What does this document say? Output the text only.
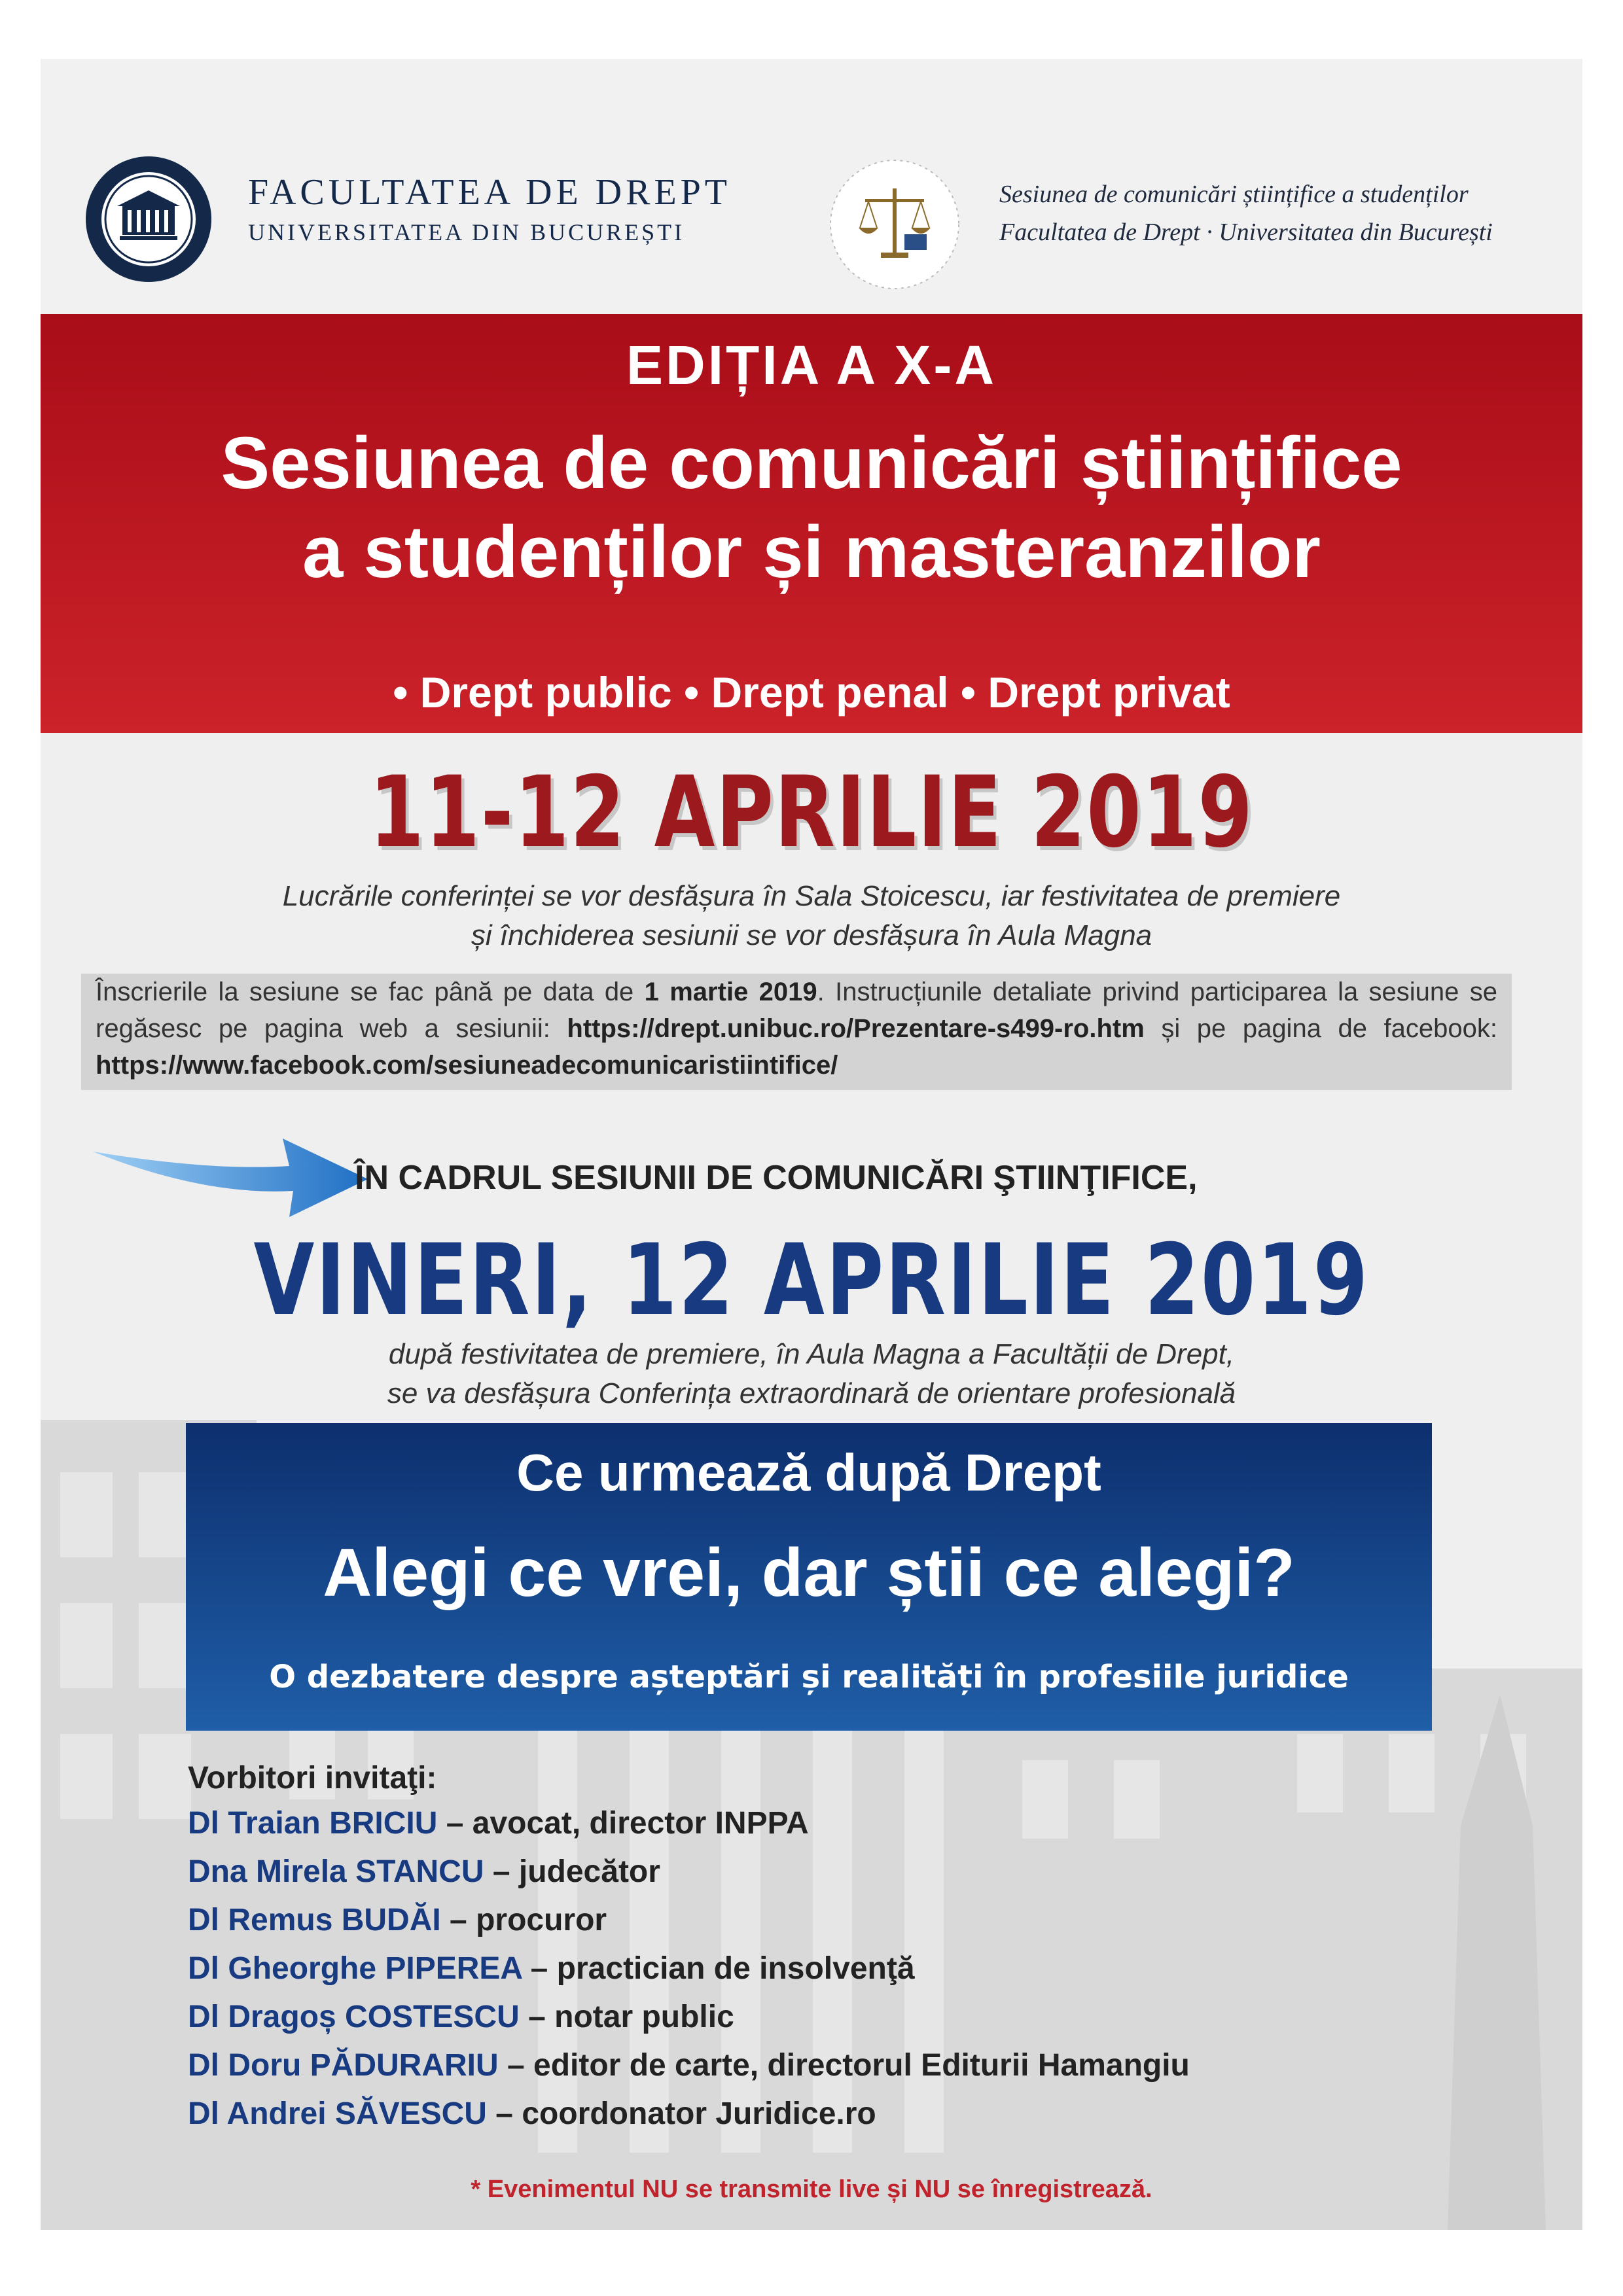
FACULTATEA DE DREPT
UNIVERSITATEA DIN BUCUREȘTI
Sesiunea de comunicări științifice a studenților
Facultatea de Drept · Universitatea din București
EDIȚIA A X-A
Sesiunea de comunicări științifice
a studenților și masteranzilor
• Drept public • Drept penal • Drept privat
11-12 APRILIE 2019
Lucrările conferinței se vor desfășura în Sala Stoicescu, iar festivitatea de premiere
și închiderea sesiunii se vor desfășura în Aula Magna
Înscrierile la sesiune se fac până pe data de 1 martie 2019. Instrucțiunile detaliate privind participarea la sesiune se regăsesc pe pagina web a sesiunii: https://drept.unibuc.ro/Prezentare-s499-ro.htm și pe pagina de facebook: https://www.facebook.com/sesiuneadecomunicaristiintifice/
ÎN CADRUL SESIUNII DE COMUNICĂRI ŞTIINŢIFICE,
VINERI, 12 APRILIE 2019
după festivitatea de premiere, în Aula Magna a Facultății de Drept,
se va desfășura Conferința extraordinară de orientare profesională
Ce urmează după Drept
Alegi ce vrei, dar știi ce alegi?
O dezbatere despre așteptări și realități în profesiile juridice
Vorbitori invitaţi:
Dl Traian BRICIU – avocat, director INPPA
Dna Mirela STANCU – judecător
Dl Remus BUDĂI – procuror
Dl Gheorghe PIPEREA – practician de insolvenţă
Dl Dragoș COSTESCU – notar public
Dl Doru PĂDURARIU – editor de carte, directorul Editurii Hamangiu
Dl Andrei SĂVESCU – coordonator Juridice.ro
* Evenimentul NU se transmite live și NU se înregistrează.
